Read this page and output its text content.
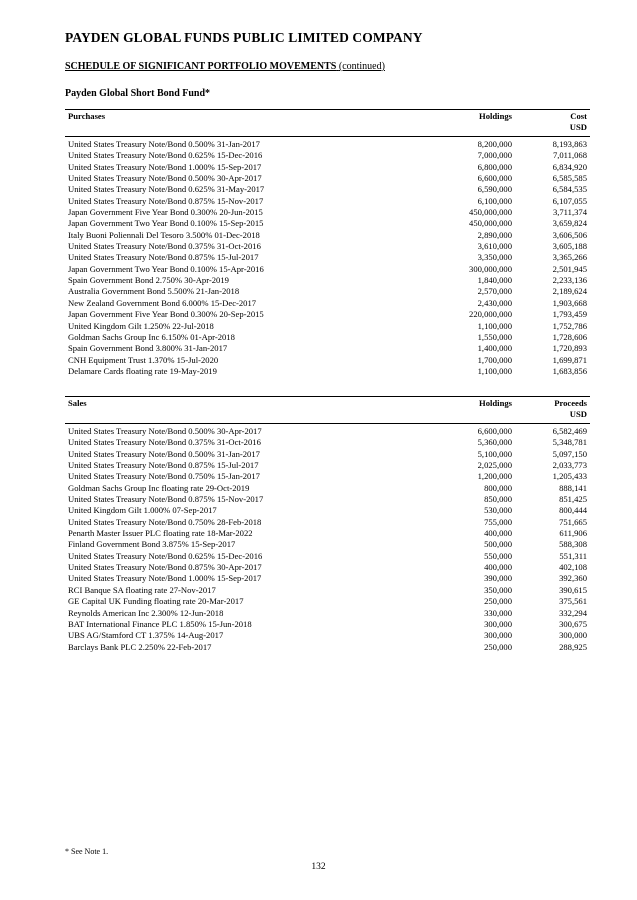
PAYDEN GLOBAL FUNDS PUBLIC LIMITED COMPANY
SCHEDULE OF SIGNIFICANT PORTFOLIO MOVEMENTS (continued)
Payden Global Short Bond Fund*
Purchases	Holdings	Cost
USD
United States Treasury Note/Bond 0.500% 31-Jan-2017	8,200,000	8,193,863
United States Treasury Note/Bond 0.625% 15-Dec-2016	7,000,000	7,011,068
United States Treasury Note/Bond 1.000% 15-Sep-2017	6,800,000	6,834,920
United States Treasury Note/Bond 0.500% 30-Apr-2017	6,600,000	6,585,585
United States Treasury Note/Bond 0.625% 31-May-2017	6,590,000	6,584,535
United States Treasury Note/Bond 0.875% 15-Nov-2017	6,100,000	6,107,055
Japan Government Five Year Bond 0.300% 20-Jun-2015	450,000,000	3,711,374
Japan Government Two Year Bond 0.100% 15-Sep-2015	450,000,000	3,659,824
Italy Buoni Poliennali Del Tesoro 3.500% 01-Dec-2018	2,890,000	3,606,506
United States Treasury Note/Bond 0.375% 31-Oct-2016	3,610,000	3,605,188
United States Treasury Note/Bond 0.875% 15-Jul-2017	3,350,000	3,365,266
Japan Government Two Year Bond 0.100% 15-Apr-2016	300,000,000	2,501,945
Spain Government Bond 2.750% 30-Apr-2019	1,840,000	2,233,136
Australia Government Bond 5.500% 21-Jan-2018	2,570,000	2,189,624
New Zealand Government Bond 6.000% 15-Dec-2017	2,430,000	1,903,668
Japan Government Five Year Bond 0.300% 20-Sep-2015	220,000,000	1,793,459
United Kingdom Gilt 1.250% 22-Jul-2018	1,100,000	1,752,786
Goldman Sachs Group Inc 6.150% 01-Apr-2018	1,550,000	1,728,606
Spain Government Bond 3.800% 31-Jan-2017	1,400,000	1,720,893
CNH Equipment Trust 1.370% 15-Jul-2020	1,700,000	1,699,871
Delamare Cards floating rate 19-May-2019	1,100,000	1,683,856
Sales	Holdings	Proceeds
USD
United States Treasury Note/Bond 0.500% 30-Apr-2017	6,600,000	6,582,469
United States Treasury Note/Bond 0.375% 31-Oct-2016	5,360,000	5,348,781
United States Treasury Note/Bond 0.500% 31-Jan-2017	5,100,000	5,097,150
United States Treasury Note/Bond 0.875% 15-Jul-2017	2,025,000	2,033,773
United States Treasury Note/Bond 0.750% 15-Jan-2017	1,200,000	1,205,433
Goldman Sachs Group Inc floating rate 29-Oct-2019	800,000	888,141
United States Treasury Note/Bond 0.875% 15-Nov-2017	850,000	851,425
United Kingdom Gilt 1.000% 07-Sep-2017	530,000	800,444
United States Treasury Note/Bond 0.750% 28-Feb-2018	755,000	751,665
Penarth Master Issuer PLC floating rate 18-Mar-2022	400,000	611,906
Finland Government Bond 3.875% 15-Sep-2017	500,000	588,308
United States Treasury Note/Bond 0.625% 15-Dec-2016	550,000	551,311
United States Treasury Note/Bond 0.875% 30-Apr-2017	400,000	402,108
United States Treasury Note/Bond 1.000% 15-Sep-2017	390,000	392,360
RCI Banque SA floating rate 27-Nov-2017	350,000	390,615
GE Capital UK Funding floating rate 20-Mar-2017	250,000	375,561
Reynolds American Inc 2.300% 12-Jun-2018	330,000	332,294
BAT International Finance PLC 1.850% 15-Jun-2018	300,000	300,675
UBS AG/Stamford CT 1.375% 14-Aug-2017	300,000	300,000
Barclays Bank PLC 2.250% 22-Feb-2017	250,000	288,925
* See Note 1.
132
